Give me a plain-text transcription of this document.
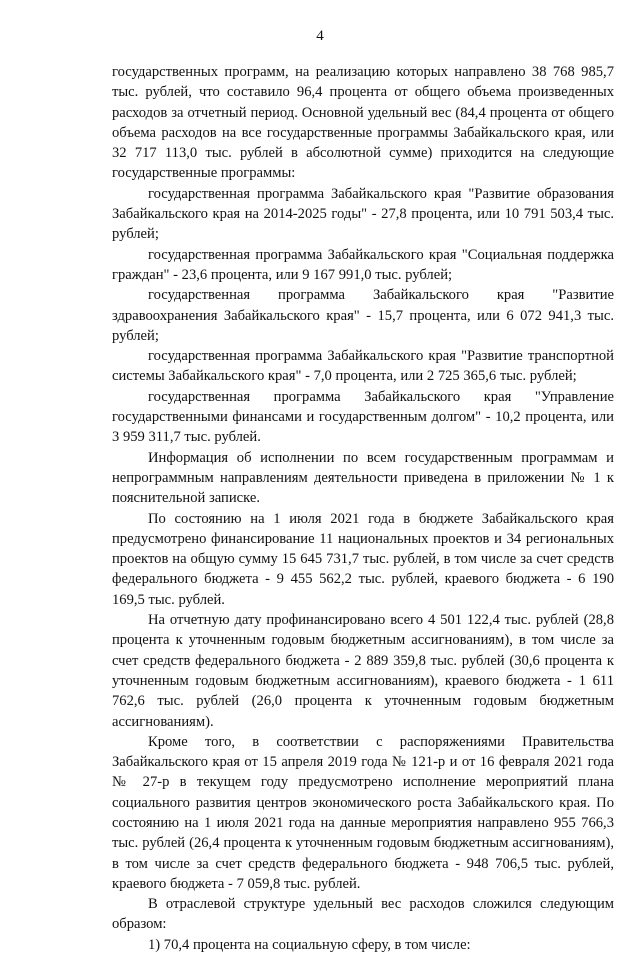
4

государственных программ, на реализацию которых направлено 38 768 985,7 тыс. рублей, что составило 96,4 процента от общего объема произведенных расходов за отчетный период. Основной удельный вес (84,4 процента от общего объема расходов на все государственные программы Забайкальского края, или 32 717 113,0 тыс. рублей в абсолютной сумме) приходится на следующие государственные программы:

государственная программа Забайкальского края "Развитие образования Забайкальского края на 2014-2025 годы" - 27,8 процента, или 10 791 503,4 тыс. рублей;

государственная программа Забайкальского края "Социальная поддержка граждан" - 23,6 процента, или 9 167 991,0 тыс. рублей;

государственная программа Забайкальского края "Развитие здравоохранения Забайкальского края" - 15,7 процента, или 6 072 941,3 тыс. рублей;

государственная программа Забайкальского края "Развитие транспортной системы Забайкальского края" - 7,0 процента, или 2 725 365,6 тыс. рублей;

государственная программа Забайкальского края "Управление государственными финансами и государственным долгом" - 10,2 процента, или 3 959 311,7 тыс. рублей.

Информация об исполнении по всем государственным программам и непрограммным направлениям деятельности приведена в приложении № 1 к пояснительной записке.

По состоянию на 1 июля 2021 года в бюджете Забайкальского края предусмотрено финансирование 11 национальных проектов и 34 региональных проектов на общую сумму 15 645 731,7 тыс. рублей, в том числе за счет средств федерального бюджета - 9 455 562,2 тыс. рублей, краевого бюджета - 6 190 169,5 тыс. рублей.

На отчетную дату профинансировано всего 4 501 122,4 тыс. рублей (28,8 процента к уточненным годовым бюджетным ассигнованиям), в том числе за счет средств федерального бюджета - 2 889 359,8 тыс. рублей (30,6 процента к уточненным годовым бюджетным ассигнованиям), краевого бюджета - 1 611 762,6 тыс. рублей (26,0 процента к уточненным годовым бюджетным ассигнованиям).

Кроме того, в соответствии с распоряжениями Правительства Забайкальского края от 15 апреля 2019 года № 121-р и от 16 февраля 2021 года № 27-р в текущем году предусмотрено исполнение мероприятий плана социального развития центров экономического роста Забайкальского края. По состоянию на 1 июля 2021 года на данные мероприятия направлено 955 766,3 тыс. рублей (26,4 процента к уточненным годовым бюджетным ассигнованиям), в том числе за счет средств федерального бюджета - 948 706,5 тыс. рублей, краевого бюджета - 7 059,8 тыс. рублей.

В отраслевой структуре удельный вес расходов сложился следующим образом:

1) 70,4 процента на социальную сферу, в том числе:
